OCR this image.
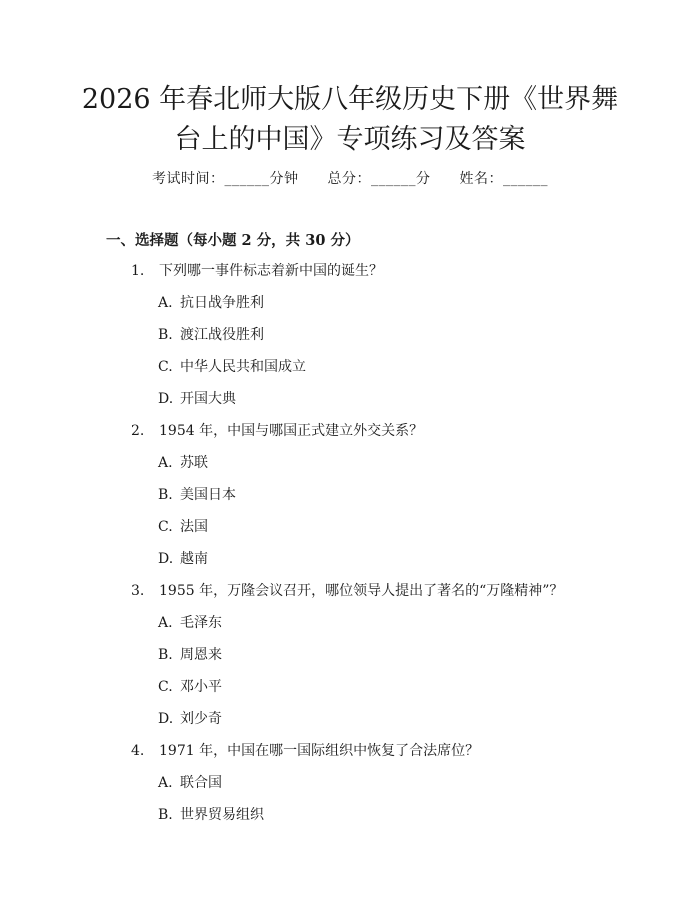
2026 年春北师大版八年级历史下册《世界舞
台上的中国》专项练习及答案
考试时间：______分钟 总分：______分 姓名：______
一、选择题（每小题 2 分，共 30 分）
1. 下列哪一事件标志着新中国的诞生？
A. 抗日战争胜利
B. 渡江战役胜利
C. 中华人民共和国成立
D. 开国大典
2. 1954 年，中国与哪国正式建立外交关系？
A. 苏联
B. 美国日本
C. 法国
D. 越南
3. 1955 年，万隆会议召开，哪位领导人提出了著名的“万隆精神”？
A. 毛泽东
B. 周恩来
C. 邓小平
D. 刘少奇
4. 1971 年，中国在哪一国际组织中恢复了合法席位？
A. 联合国
B. 世界贸易组织
